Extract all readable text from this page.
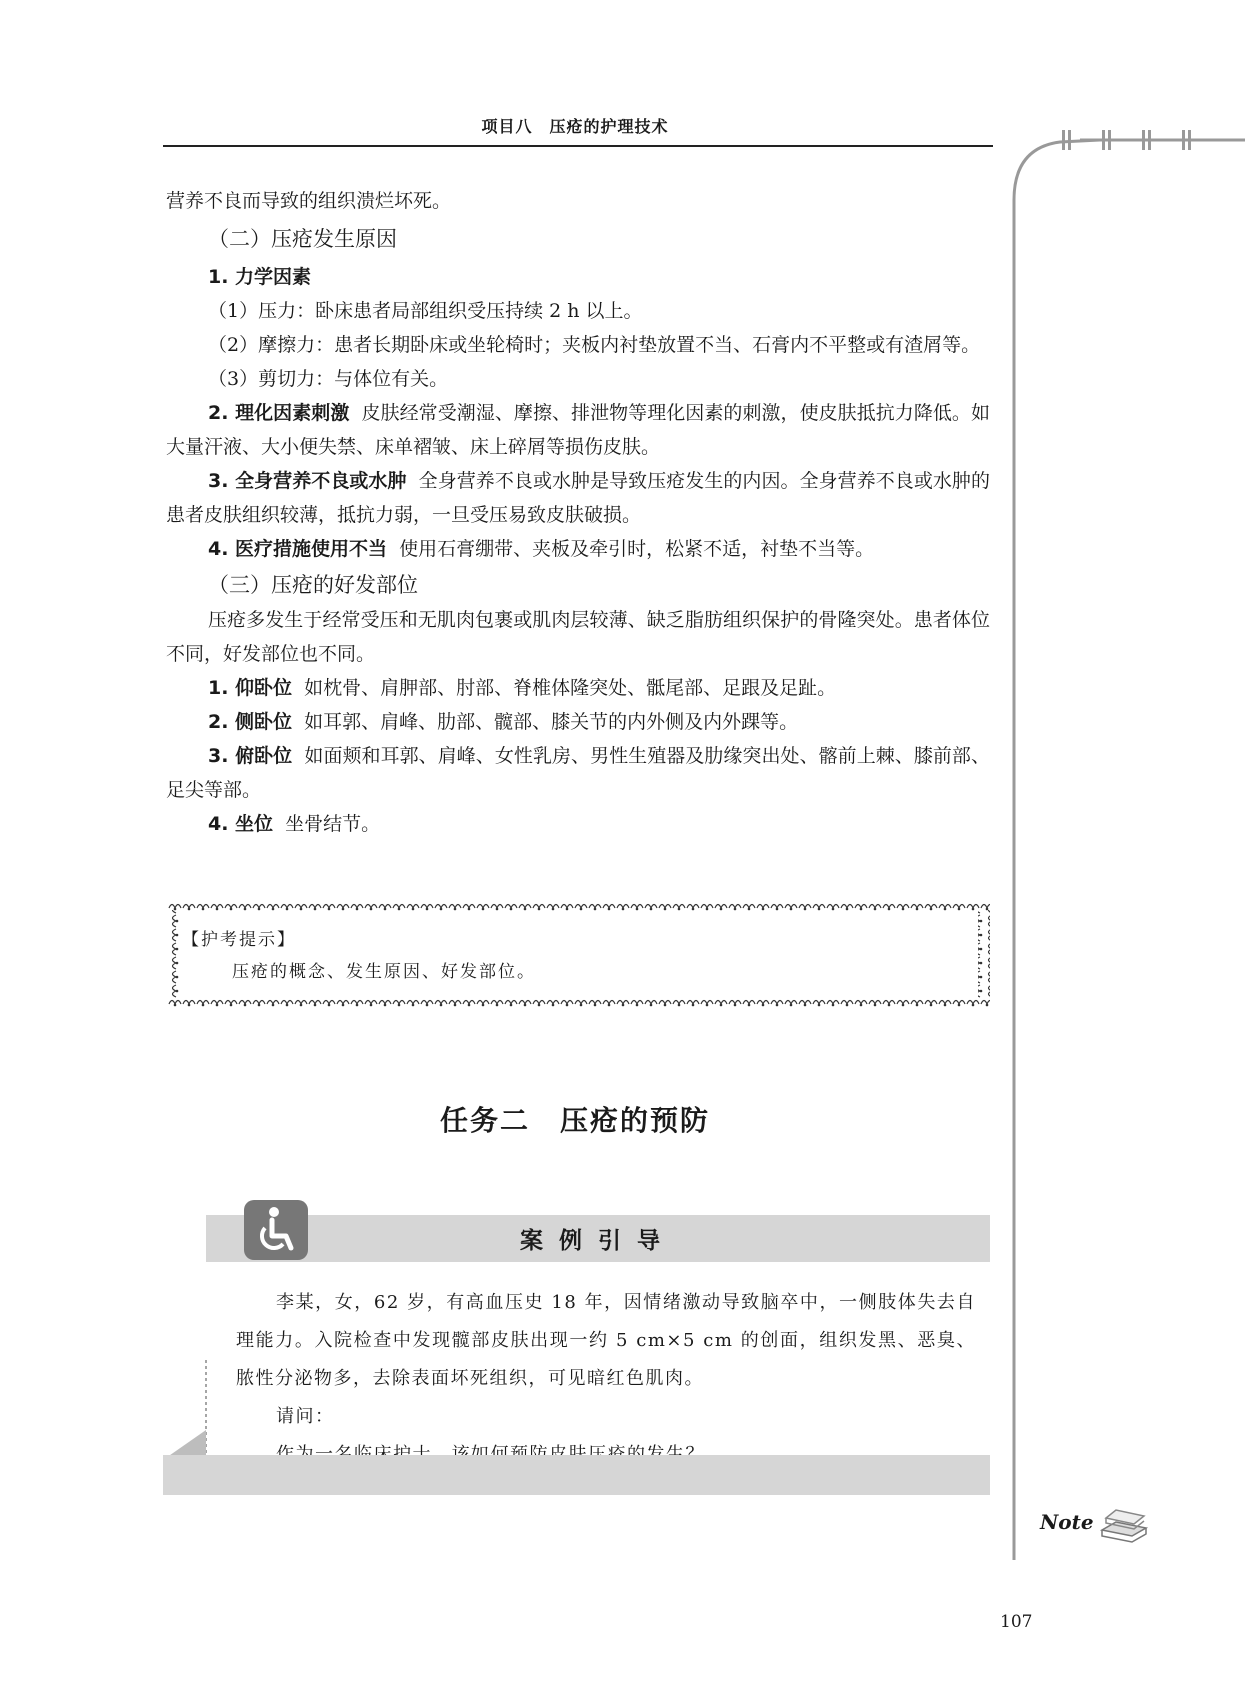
项目八　压疮的护理技术

营养不良而导致的组织溃烂坏死。

（二）压疮发生原因

1. 力学因素

（1）压力：卧床患者局部组织受压持续 2 h 以上。

（2）摩擦力：患者长期卧床或坐轮椅时；夹板内衬垫放置不当、石膏内不平整或有渣屑等。

（3）剪切力：与体位有关。

2. 理化因素刺激 皮肤经常受潮湿、摩擦、排泄物等理化因素的刺激，使皮肤抵抗力降低。如大量汗液、大小便失禁、床单褶皱、床上碎屑等损伤皮肤。

3. 全身营养不良或水肿 全身营养不良或水肿是导致压疮发生的内因。全身营养不良或水肿的患者皮肤组织较薄，抵抗力弱，一旦受压易致皮肤破损。

4. 医疗措施使用不当 使用石膏绷带、夹板及牵引时，松紧不适，衬垫不当等。

（三）压疮的好发部位

压疮多发生于经常受压和无肌肉包裹或肌肉层较薄、缺乏脂肪组织保护的骨隆突处。患者体位不同，好发部位也不同。

1. 仰卧位 如枕骨、肩胛部、肘部、脊椎体隆突处、骶尾部、足跟及足趾。

2. 侧卧位 如耳郭、肩峰、肋部、髋部、膝关节的内外侧及内外踝等。

3. 俯卧位 如面颊和耳郭、肩峰、女性乳房、男性生殖器及肋缘突出处、髂前上棘、膝前部、足尖等部。

4. 坐位 坐骨结节。

【护考提示】
压疮的概念、发生原因、好发部位。
任务二　压疮的预防
案例引导

李某，女，62 岁，有高血压史 18 年，因情绪激动导致脑卒中，一侧肢体失去自理能力。入院检查中发现髋部皮肤出现一约 5 cm×5 cm 的创面，组织发黑、恶臭、脓性分泌物多，去除表面坏死组织，可见暗红色肌肉。

请问：

Note
107
